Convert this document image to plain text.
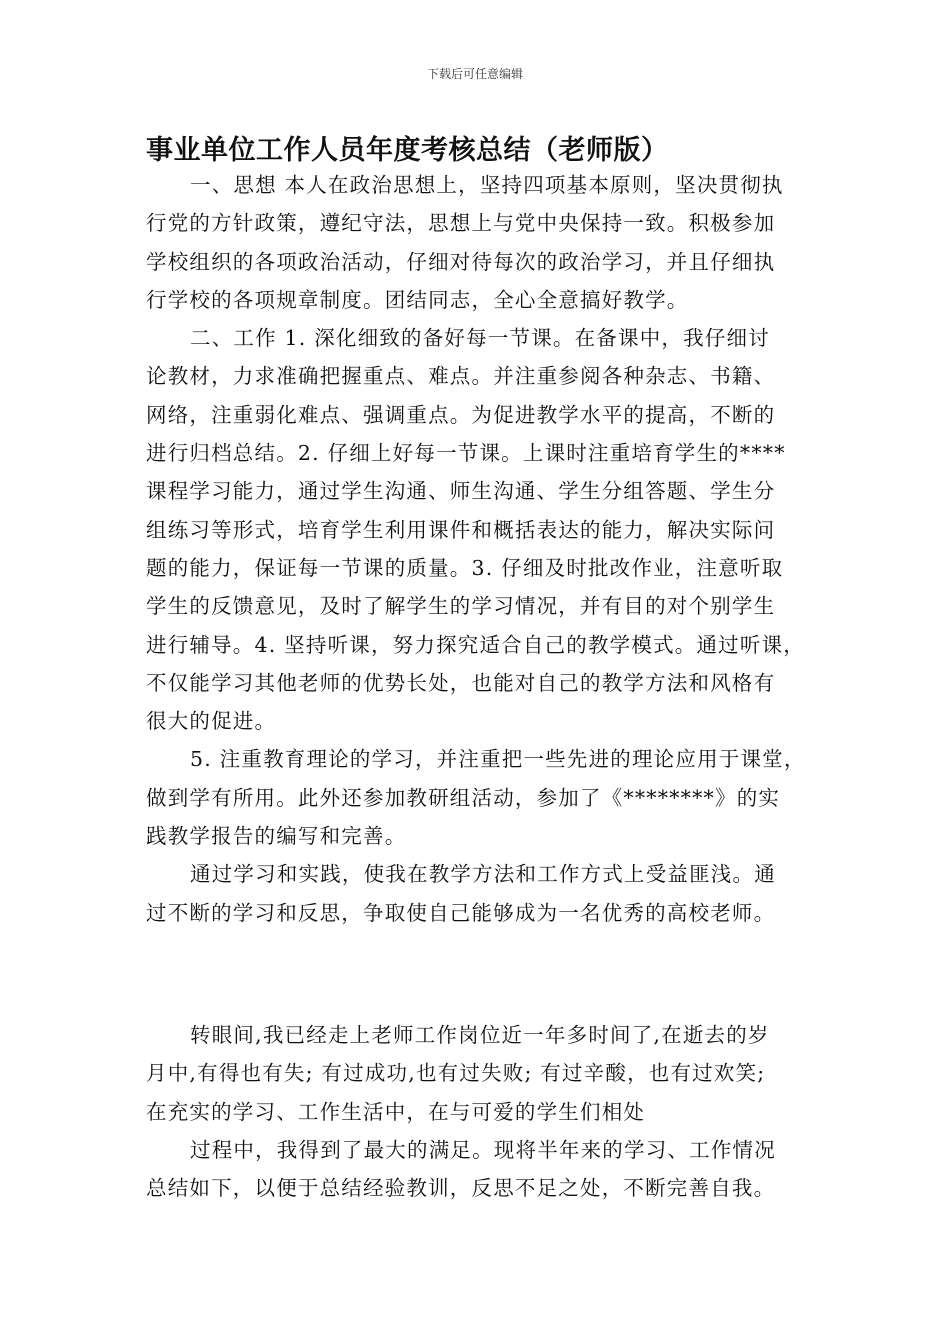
下载后可任意编辑
事业单位工作人员年度考核总结（老师版）
一、思想 本人在政治思想上，坚持四项基本原则，坚决贯彻执
行党的方针政策，遵纪守法，思想上与党中央保持一致。积极参加
学校组织的各项政治活动，仔细对待每次的政治学习，并且仔细执
行学校的各项规章制度。团结同志，全心全意搞好教学。
二、工作 1. 深化细致的备好每一节课。在备课中，我仔细讨
论教材，力求准确把握重点、难点。并注重参阅各种杂志、书籍、
网络，注重弱化难点、强调重点。为促进教学水平的提高，不断的
进行归档总结。2. 仔细上好每一节课。上课时注重培育学生的****
课程学习能力，通过学生沟通、师生沟通、学生分组答题、学生分
组练习等形式，培育学生利用课件和概括表达的能力，解决实际问
题的能力，保证每一节课的质量。3. 仔细及时批改作业，注意听取
学生的反馈意见，及时了解学生的学习情况，并有目的对个别学生
进行辅导。4. 坚持听课，努力探究适合自己的教学模式。通过听课，
不仅能学习其他老师的优势长处，也能对自己的教学方法和风格有
很大的促进。
5. 注重教育理论的学习，并注重把一些先进的理论应用于课堂，
做到学有所用。此外还参加教研组活动，参加了《********》的实
践教学报告的编写和完善。
通过学习和实践，使我在教学方法和工作方式上受益匪浅。通
过不断的学习和反思，争取使自己能够成为一名优秀的高校老师。
转眼间,我已经走上老师工作岗位近一年多时间了,在逝去的岁
月中,有得也有失; 有过成功,也有过失败; 有过辛酸，也有过欢笑;
在充实的学习、工作生活中，在与可爱的学生们相处
过程中，我得到了最大的满足。现将半年来的学习、工作情况
总结如下，以便于总结经验教训，反思不足之处，不断完善自我。
